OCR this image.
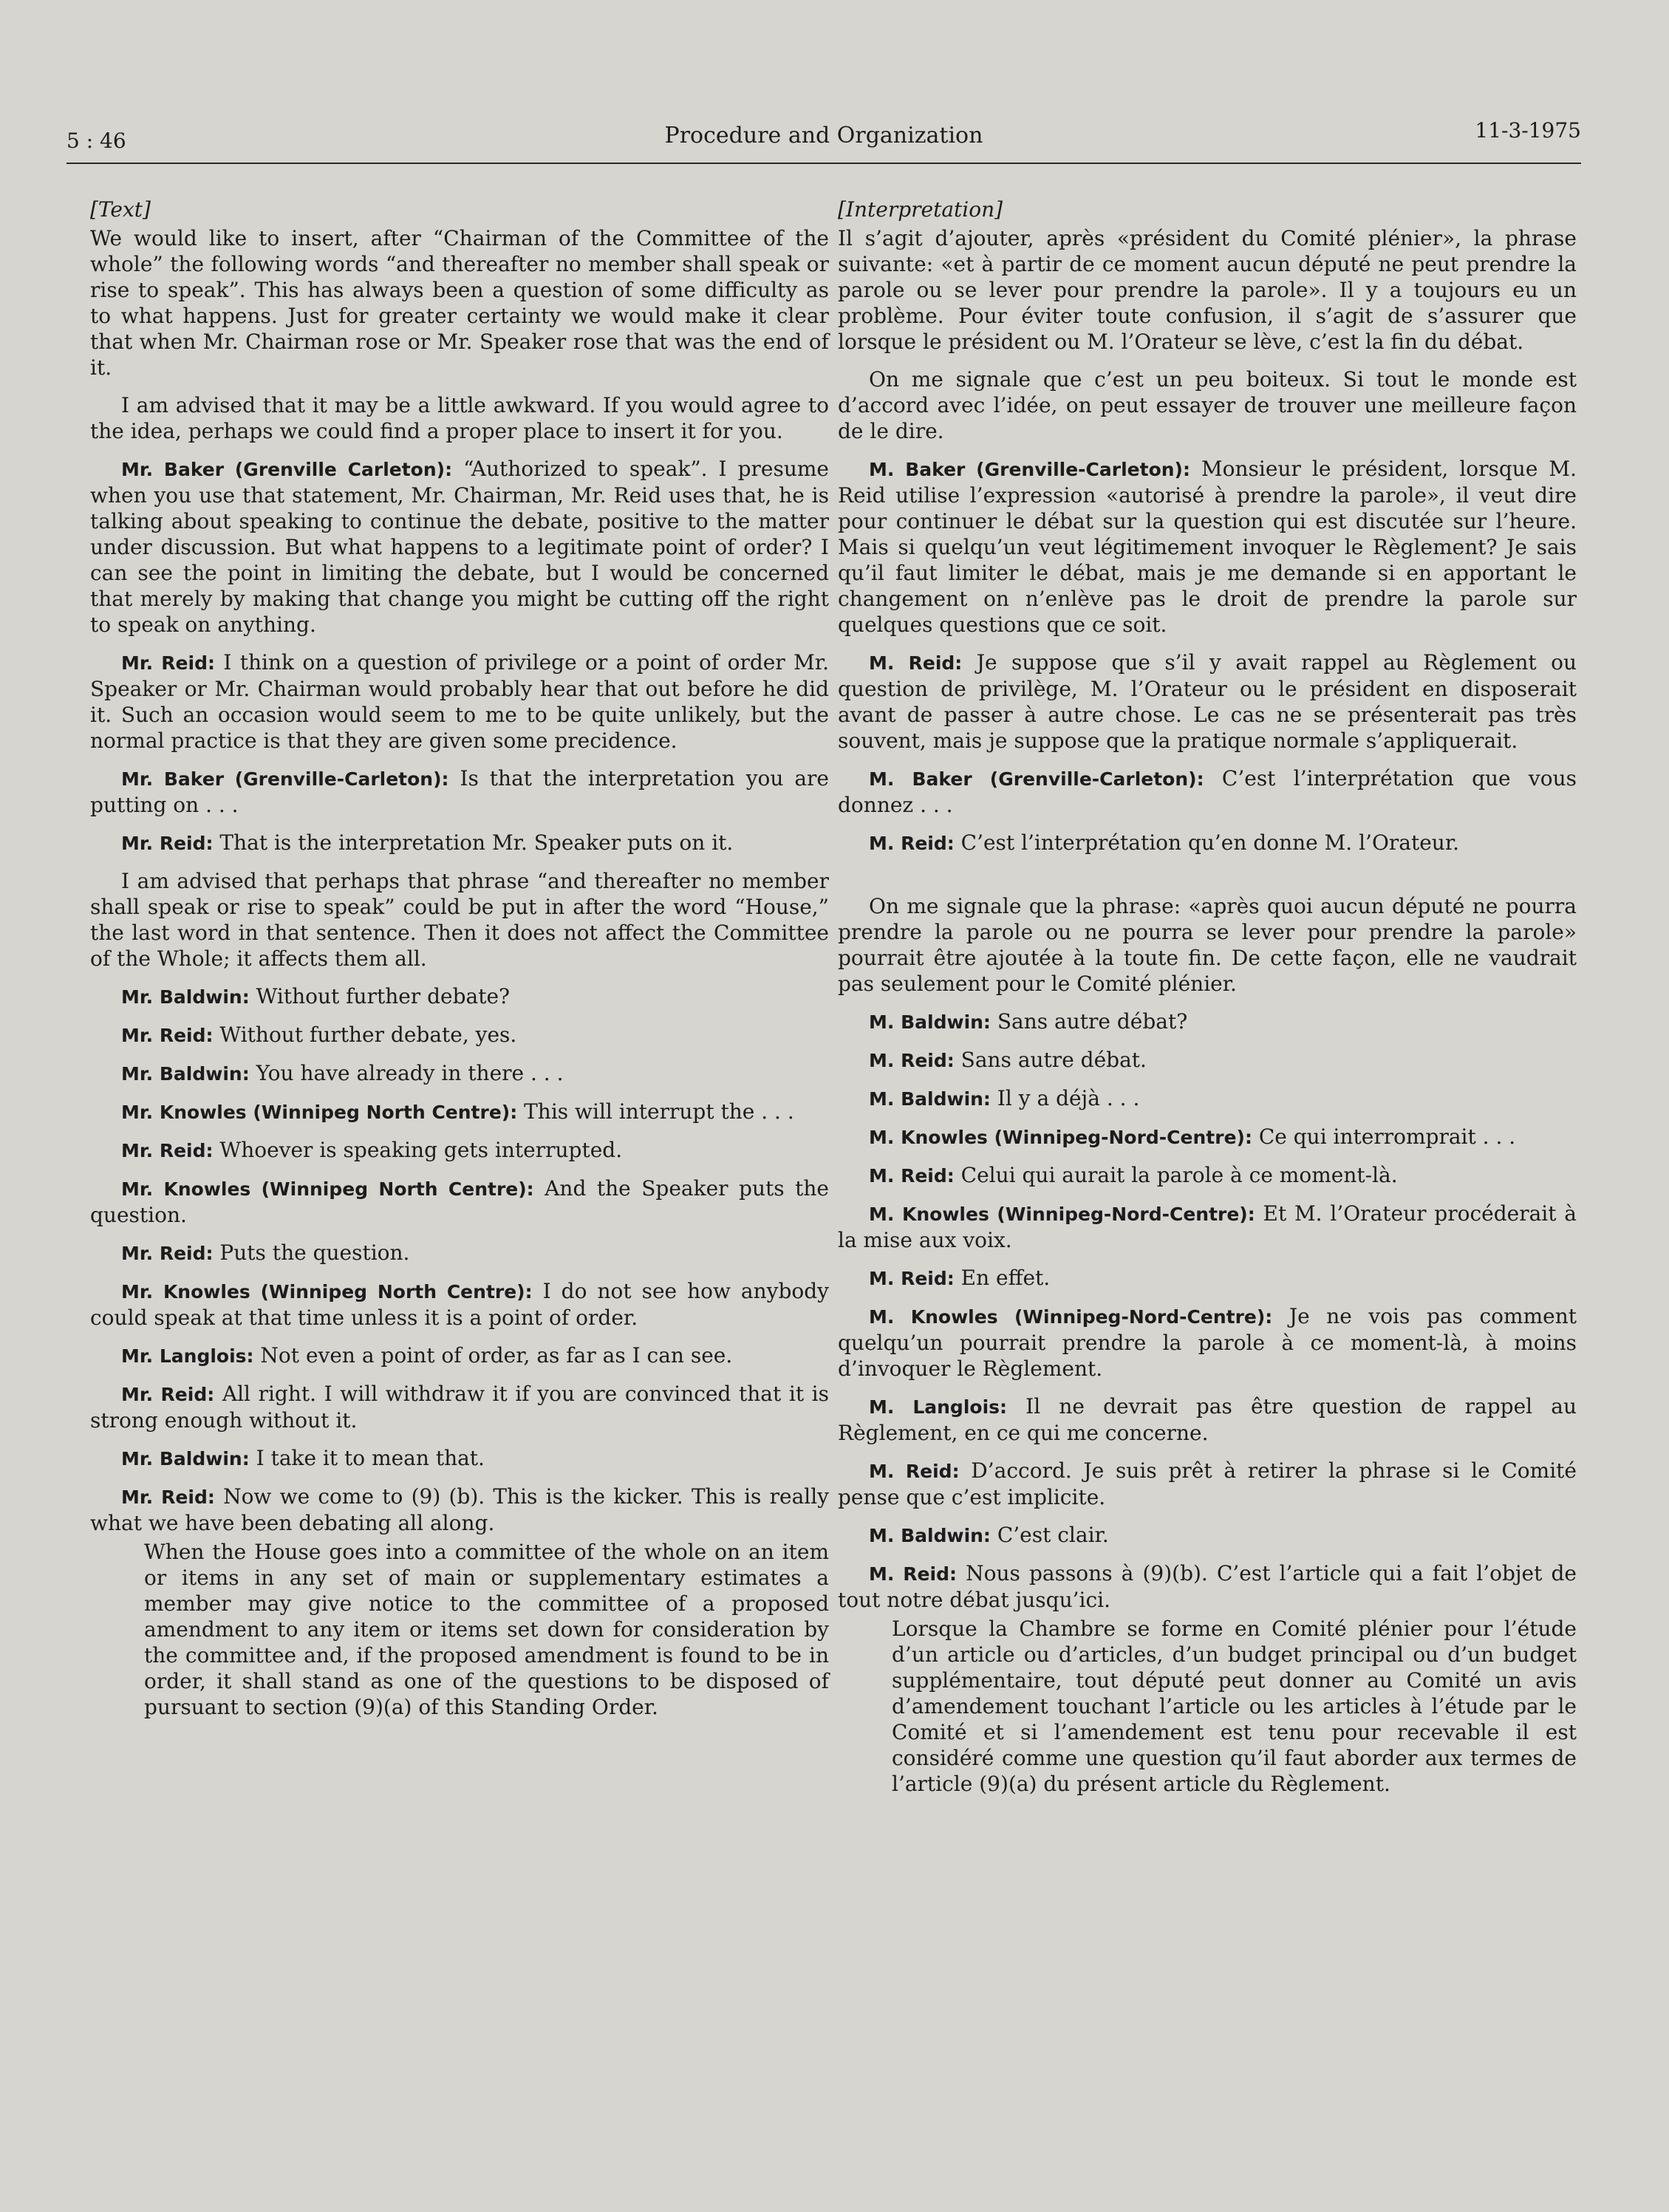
5 : 46	Procedure and Organization	11-3-1975
[Text]

We would like to insert, after “Chairman of the Committee of the whole” the following words “and thereafter no member shall speak or rise to speak”. This has always been a question of some difficulty as to what happens. Just for greater certainty we would make it clear that when Mr. Chairman rose or Mr. Speaker rose that was the end of it.

I am advised that it may be a little awkward. If you would agree to the idea, perhaps we could find a proper place to insert it for you.

Mr. Baker (Grenville Carleton): “Authorized to speak”. I presume when you use that statement, Mr. Chairman, Mr. Reid uses that, he is talking about speaking to continue the debate, positive to the matter under discussion. But what happens to a legitimate point of order? I can see the point in limiting the debate, but I would be concerned that merely by making that change you might be cutting off the right to speak on anything.

Mr. Reid: I think on a question of privilege or a point of order Mr. Speaker or Mr. Chairman would probably hear that out before he did it. Such an occasion would seem to me to be quite unlikely, but the normal practice is that they are given some precidence.

Mr. Baker (Grenville-Carleton): Is that the interpretation you are putting on . . .

Mr. Reid: That is the interpretation Mr. Speaker puts on it.

I am advised that perhaps that phrase “and thereafter no member shall speak or rise to speak” could be put in after the word “House,” the last word in that sentence. Then it does not affect the Committee of the Whole; it affects them all.

Mr. Baldwin: Without further debate?

Mr. Reid: Without further debate, yes.

Mr. Baldwin: You have already in there . . .

Mr. Knowles (Winnipeg North Centre): This will interrupt the . . .

Mr. Reid: Whoever is speaking gets interrupted.

Mr. Knowles (Winnipeg North Centre): And the Speaker puts the question.

Mr. Reid: Puts the question.

Mr. Knowles (Winnipeg North Centre): I do not see how anybody could speak at that time unless it is a point of order.

Mr. Langlois: Not even a point of order, as far as I can see.

Mr. Reid: All right. I will withdraw it if you are convinced that it is strong enough without it.

Mr. Baldwin: I take it to mean that.

Mr. Reid: Now we come to (9) (b). This is the kicker. This is really what we have been debating all along.

When the House goes into a committee of the whole on an item or items in any set of main or supplementary estimates a member may give notice to the committee of a proposed amendment to any item or items set down for consideration by the committee and, if the proposed amendment is found to be in order, it shall stand as one of the questions to be disposed of pursuant to section (9)(a) of this Standing Order.
[Interpretation]

Il s’agit d’ajouter, après «président du Comité plénier», la phrase suivante: «et à partir de ce moment aucun député ne peut prendre la parole ou se lever pour prendre la parole». Il y a toujours eu un problème. Pour éviter toute confusion, il s’agit de s’assurer que lorsque le président ou M. l’Orateur se lève, c’est la fin du débat.

On me signale que c’est un peu boiteux. Si tout le monde est d’accord avec l’idée, on peut essayer de trouver une meilleure façon de le dire.

M. Baker (Grenville-Carleton): Monsieur le président, lorsque M. Reid utilise l’expression «autorisé à prendre la parole», il veut dire pour continuer le débat sur la question qui est discutée sur l’heure. Mais si quelqu’un veut légitimement invoquer le Règlement? Je sais qu’il faut limiter le débat, mais je me demande si en apportant le changement on n’enlève pas le droit de prendre la parole sur quelques questions que ce soit.

M. Reid: Je suppose que s’il y avait rappel au Règlement ou question de privilège, M. l’Orateur ou le président en disposerait avant de passer à autre chose. Le cas ne se présenterait pas très souvent, mais je suppose que la pratique normale s’appliquerait.

M. Baker (Grenville-Carleton): C’est l’interprétation que vous donnez . . .

M. Reid: C’est l’interprétation qu’en donne M. l’Orateur.

On me signale que la phrase: «après quoi aucun député ne pourra prendre la parole ou ne pourra se lever pour prendre la parole» pourrait être ajoutée à la toute fin. De cette façon, elle ne vaudrait pas seulement pour le Comité plénier.

M. Baldwin: Sans autre débat?

M. Reid: Sans autre débat.

M. Baldwin: Il y a déjà . . .

M. Knowles (Winnipeg-Nord-Centre): Ce qui interromprait . . .

M. Reid: Celui qui aurait la parole à ce moment-là.

M. Knowles (Winnipeg-Nord-Centre): Et M. l’Orateur procéderait à la mise aux voix.

M. Reid: En effet.

M. Knowles (Winnipeg-Nord-Centre): Je ne vois pas comment quelqu’un pourrait prendre la parole à ce moment-là, à moins d’invoquer le Règlement.

M. Langlois: Il ne devrait pas être question de rappel au Règlement, en ce qui me concerne.

M. Reid: D’accord. Je suis prêt à retirer la phrase si le Comité pense que c’est implicite.

M. Baldwin: C’est clair.

M. Reid: Nous passons à (9)(b). C’est l’article qui a fait l’objet de tout notre débat jusqu’ici.

Lorsque la Chambre se forme en Comité plénier pour l’étude d’un article ou d’articles, d’un budget principal ou d’un budget supplémentaire, tout député peut donner au Comité un avis d’amendement touchant l’article ou les articles à l’étude par le Comité et si l’amendement est tenu pour recevable il est considéré comme une question qu’il faut aborder aux termes de l’article (9)(a) du présent article du Règlement.
